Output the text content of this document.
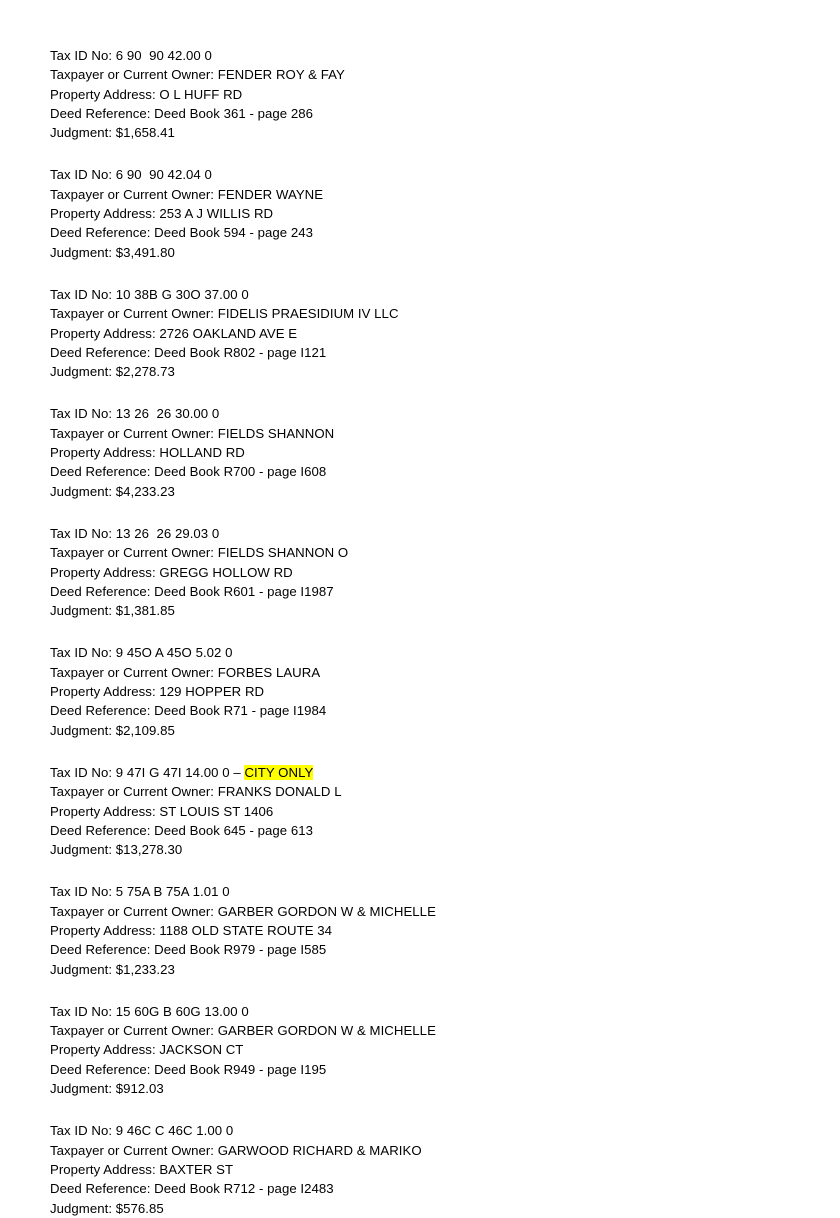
Tax ID No: 6 90  90 42.00 0
Taxpayer or Current Owner: FENDER ROY & FAY
Property Address: O L HUFF RD
Deed Reference: Deed Book 361 - page 286
Judgment: $1,658.41
Tax ID No: 6 90  90 42.04 0
Taxpayer or Current Owner: FENDER WAYNE
Property Address: 253 A J WILLIS RD
Deed Reference: Deed Book 594 - page 243
Judgment: $3,491.80
Tax ID No: 10 38B G 30O 37.00 0
Taxpayer or Current Owner: FIDELIS PRAESIDIUM IV LLC
Property Address: 2726 OAKLAND AVE E
Deed Reference: Deed Book R802 - page I121
Judgment: $2,278.73
Tax ID No: 13 26  26 30.00 0
Taxpayer or Current Owner: FIELDS SHANNON
Property Address: HOLLAND RD
Deed Reference: Deed Book R700 - page I608
Judgment: $4,233.23
Tax ID No: 13 26  26 29.03 0
Taxpayer or Current Owner: FIELDS SHANNON O
Property Address: GREGG HOLLOW RD
Deed Reference: Deed Book R601 - page I1987
Judgment: $1,381.85
Tax ID No: 9 45O A 45O 5.02 0
Taxpayer or Current Owner: FORBES LAURA
Property Address: 129 HOPPER RD
Deed Reference: Deed Book R71 - page I1984
Judgment: $2,109.85
Tax ID No: 9 47I G 47I 14.00 0 – CITY ONLY
Taxpayer or Current Owner: FRANKS DONALD L
Property Address: ST LOUIS ST 1406
Deed Reference: Deed Book 645 - page 613
Judgment: $13,278.30
Tax ID No: 5 75A B 75A 1.01 0
Taxpayer or Current Owner: GARBER GORDON W & MICHELLE
Property Address: 1188 OLD STATE ROUTE 34
Deed Reference: Deed Book R979 - page I585
Judgment: $1,233.23
Tax ID No: 15 60G B 60G 13.00 0
Taxpayer or Current Owner: GARBER GORDON W & MICHELLE
Property Address: JACKSON CT
Deed Reference: Deed Book R949 - page I195
Judgment: $912.03
Tax ID No: 9 46C C 46C 1.00 0
Taxpayer or Current Owner: GARWOOD RICHARD & MARIKO
Property Address: BAXTER ST
Deed Reference: Deed Book R712 - page I2483
Judgment: $576.85
